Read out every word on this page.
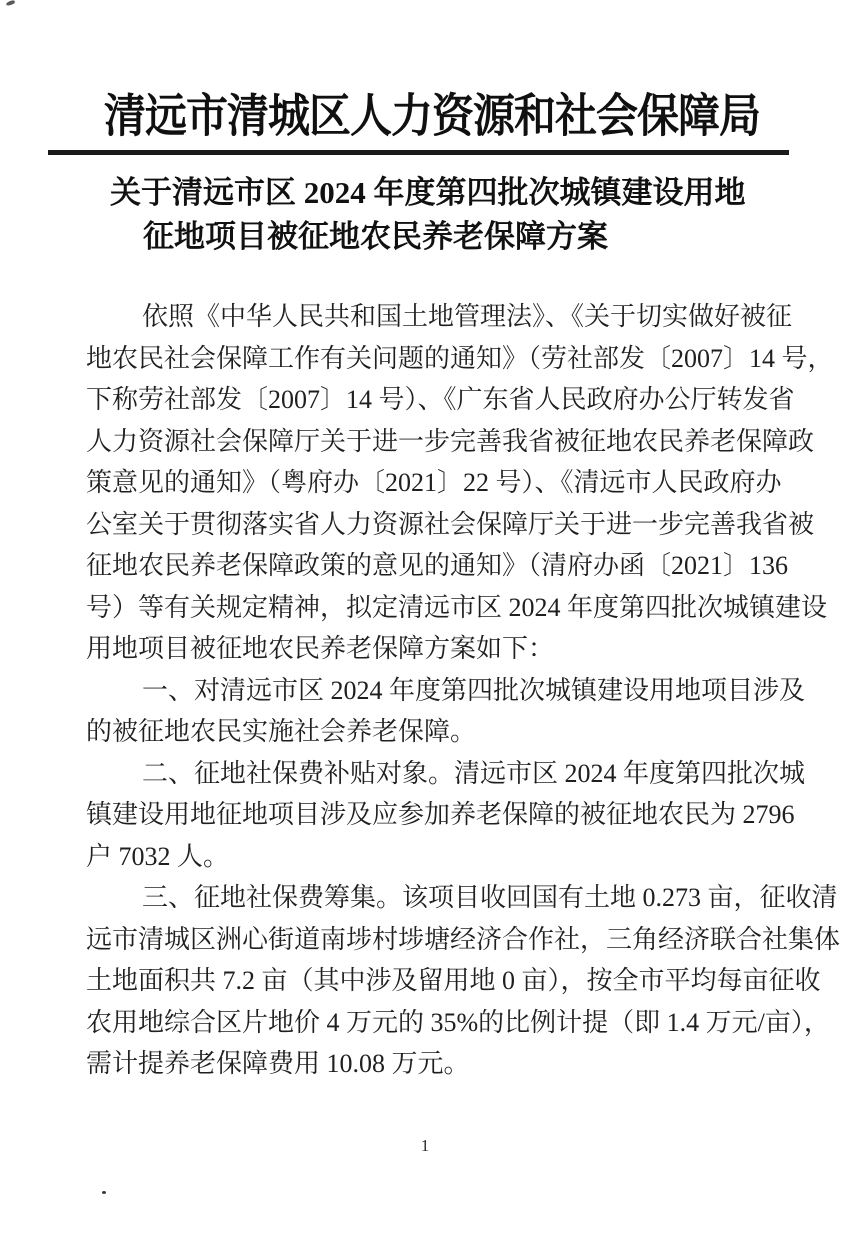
清远市清城区人力资源和社会保障局
关于清远市区 2024 年度第四批次城镇建设用地
征地项目被征地农民养老保障方案
依照《中华人民共和国土地管理法》、《关于切实做好被征
地农民社会保障工作有关问题的通知》（劳社部发〔2007〕14 号，
下称劳社部发〔2007〕14 号）、《广东省人民政府办公厅转发省
人力资源社会保障厅关于进一步完善我省被征地农民养老保障政
策意见的通知》（粤府办〔2021〕22 号）、《清远市人民政府办
公室关于贯彻落实省人力资源社会保障厅关于进一步完善我省被
征地农民养老保障政策的意见的通知》（清府办函〔2021〕136
号）等有关规定精神，拟定清远市区 2024 年度第四批次城镇建设
用地项目被征地农民养老保障方案如下：
一、对清远市区 2024 年度第四批次城镇建设用地项目涉及
的被征地农民实施社会养老保障。
二、征地社保费补贴对象。清远市区 2024 年度第四批次城
镇建设用地征地项目涉及应参加养老保障的被征地农民为 2796
户 7032 人。
三、征地社保费筹集。该项目收回国有土地 0.273 亩，征收清
远市清城区洲心街道南埗村埗塘经济合作社，三角经济联合社集体
土地面积共 7.2 亩（其中涉及留用地 0 亩），按全市平均每亩征收
农用地综合区片地价 4 万元的 35%的比例计提（即 1.4 万元/亩），
需计提养老保障费用 10.08 万元。
1
